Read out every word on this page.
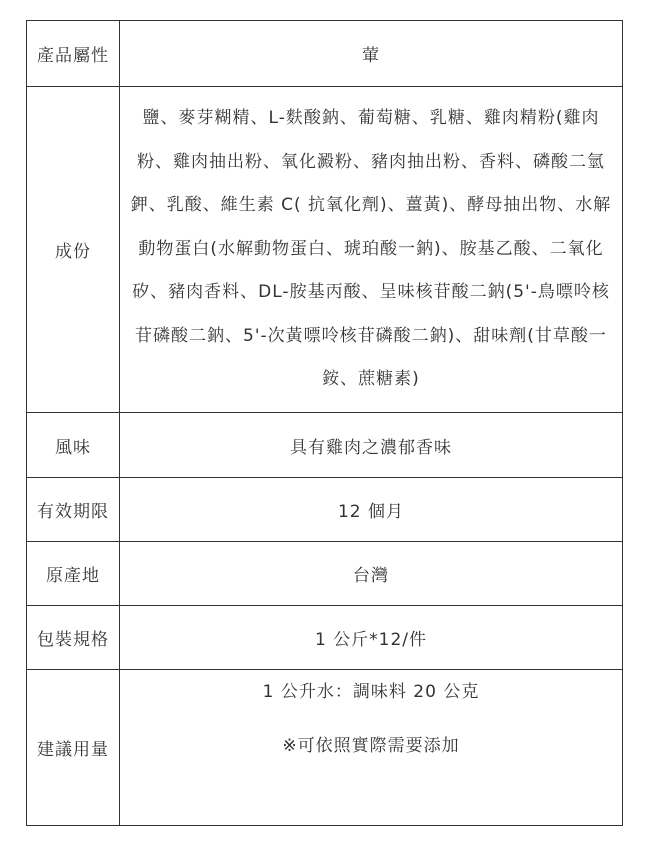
產品屬性	葷
成份	鹽、麥芽糊精、L-麩酸鈉、葡萄糖、乳糖、雞肉精粉(雞肉粉、雞肉抽出粉、氧化澱粉、豬肉抽出粉、香料、磷酸二氫鉀、乳酸、維生素 C( 抗氧化劑)、薑黃)、酵母抽出物、水解動物蛋白(水解動物蛋白、琥珀酸一鈉)、胺基乙酸、二氧化矽、豬肉香料、DL-胺基丙酸、呈味核苷酸二鈉(5'-鳥嘌呤核苷磷酸二鈉、5'-次黃嘌呤核苷磷酸二鈉)、甜味劑(甘草酸一銨、蔗糖素)
風味	具有雞肉之濃郁香味
有效期限	12 個月
原產地	台灣
包裝規格	1 公斤*12/件
建議用量	1 公升水：調味料 20 公克
※可依照實際需要添加
